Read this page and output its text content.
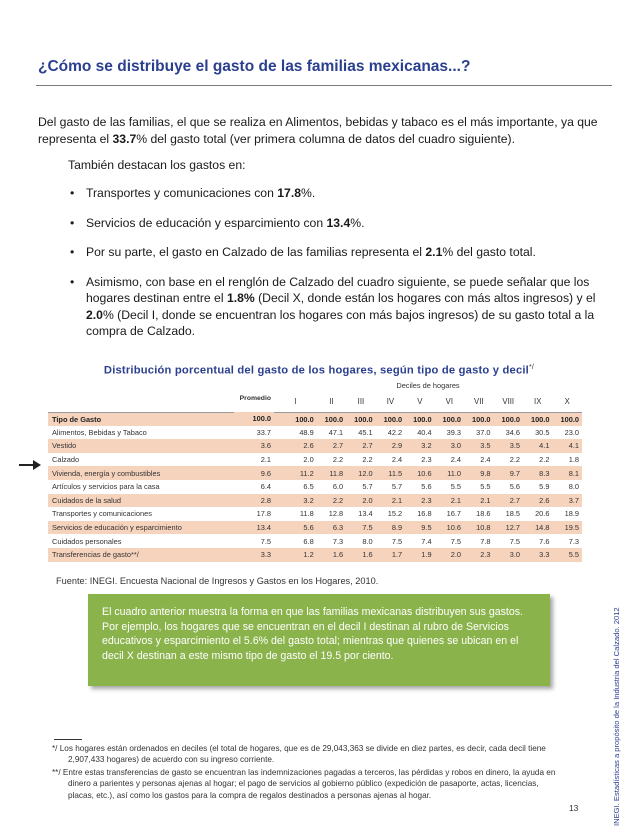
¿Cómo se distribuye el gasto de las familias mexicanas...?

Del gasto de las familias, el que se realiza en Alimentos, bebidas y tabaco es el más importante, ya que representa el 33.7% del gasto total (ver primera columna de datos del cuadro siguiente).

También destacan los gastos en:

• Transportes y comunicaciones con 17.8%.
• Servicios de educación y esparcimiento con 13.4%.
• Por su parte, el gasto en Calzado de las familias representa el 2.1% del gasto total.
• Asimismo, con base en el renglón de Calzado del cuadro siguiente, se puede señalar que los hogares destinan entre el 1.8% (Decil X, donde están los hogares con más altos ingresos) y el 2.0% (Decil I, donde se encuentran los hogares con más bajos ingresos) de su gasto total a la compra de Calzado.
Distribución porcentual del gasto de los hogares, según tipo de gasto y decil*/
	Promedio	Deciles de hogares									
		I	II	III	IV	V	VI	VII	VIII	IX	X
Tipo de Gasto	100.0	100.0	100.0	100.0	100.0	100.0	100.0	100.0	100.0	100.0	100.0
Alimentos, Bebidas y Tabaco	33.7	48.9	47.1	45.1	42.2	40.4	39.3	37.0	34.6	30.5	23.0
Vestido	3.6	2.6	2.7	2.7	2.9	3.2	3.0	3.5	3.5	4.1	4.1
Calzado	2.1	2.0	2.2	2.2	2.4	2.3	2.4	2.4	2.2	2.2	1.8
Vivienda, energía y combustibles	9.6	11.2	11.8	12.0	11.5	10.6	11.0	9.8	9.7	8.3	8.1
Artículos y servicios para la casa	6.4	6.5	6.0	5.7	5.7	5.6	5.5	5.5	5.6	5.9	8.0
Cuidados de la salud	2.8	3.2	2.2	2.0	2.1	2.3	2.1	2.1	2.7	2.6	3.7
Transportes y comunicaciones	17.8	11.8	12.8	13.4	15.2	16.8	16.7	18.6	18.5	20.6	18.9
Servicios de educación y esparcimiento	13.4	5.6	6.3	7.5	8.9	9.5	10.6	10.8	12.7	14.8	19.5
Cuidados personales	7.5	6.8	7.3	8.0	7.5	7.4	7.5	7.8	7.5	7.6	7.3
Transferencias de gasto**/	3.3	1.2	1.6	1.6	1.7	1.9	2.0	2.3	3.0	3.3	5.5

Fuente: INEGI. Encuesta Nacional de Ingresos y Gastos en los Hogares, 2010.

El cuadro anterior muestra la forma en que las familias mexicanas distribuyen sus gastos. Por ejemplo, los hogares que se encuentran en el decil I destinan al rubro de Servicios educativos y esparcimiento el 5.6% del gasto total; mientras que quienes se ubican en el decil X destinan a este mismo tipo de gasto el 19.5 por ciento.

*/ Los hogares están ordenados en deciles (el total de hogares, que es de 29,043,363 se divide en diez partes, es decir, cada decil tiene 2,907,433 hogares) de acuerdo con su ingreso corriente.

**/ Entre estas transferencias de gasto se encuentran las indemnizaciones pagadas a terceros, las pérdidas y robos en dinero, la ayuda en dinero a parientes y personas ajenas al hogar; el pago de servicios al gobierno público (expedición de pasaporte, actas, licencias, placas, etc.), así como los gastos para la compra de regalos destinados a personas ajenas al hogar.

13	INEGI. Estadísticas a propósito de la Industria del Calzado. 2012
